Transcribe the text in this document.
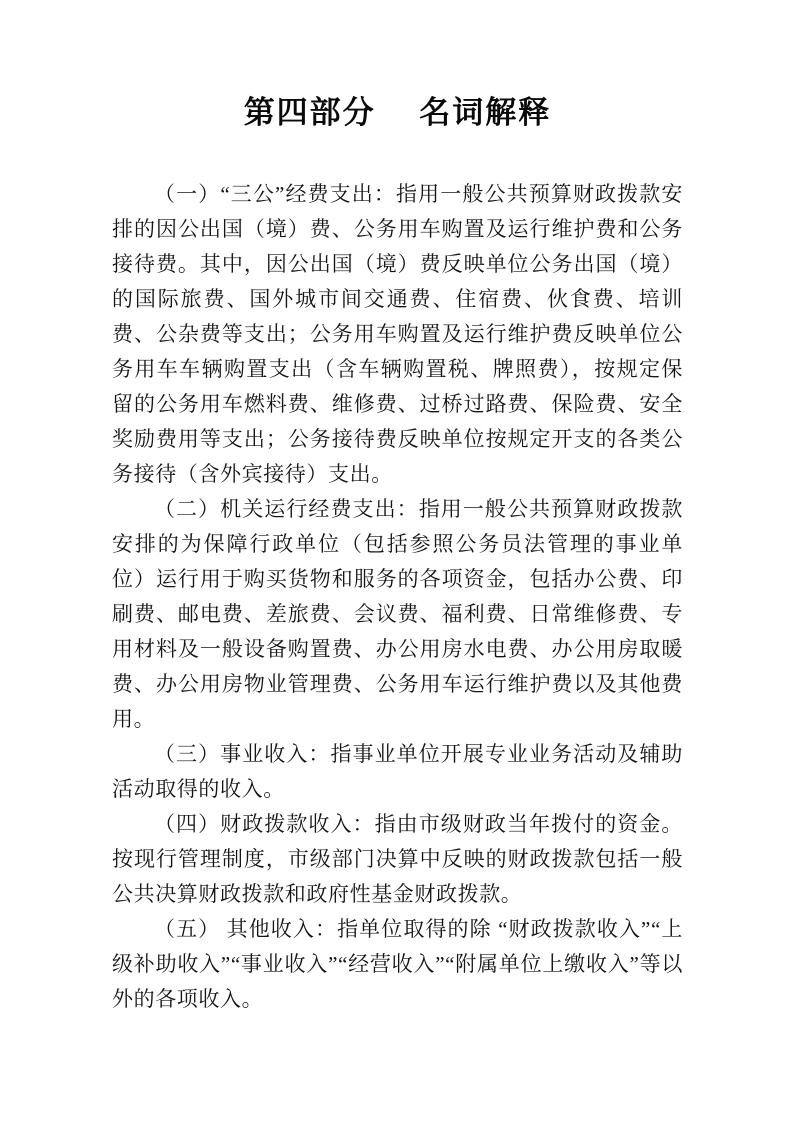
第四部分　 名词解释

（一）“三公”经费支出：指用一般公共预算财政拨款安排的因公出国（境）费、公务用车购置及运行维护费和公务接待费。其中，因公出国（境）费反映单位公务出国（境）的国际旅费、国外城市间交通费、住宿费、伙食费、培训费、公杂费等支出；公务用车购置及运行维护费反映单位公务用车车辆购置支出（含车辆购置税、牌照费），按规定保留的公务用车燃料费、维修费、过桥过路费、保险费、安全奖励费用等支出；公务接待费反映单位按规定开支的各类公务接待（含外宾接待）支出。

（二）机关运行经费支出：指用一般公共预算财政拨款安排的为保障行政单位（包括参照公务员法管理的事业单位）运行用于购买货物和服务的各项资金，包括办公费、印刷费、邮电费、差旅费、会议费、福利费、日常维修费、专用材料及一般设备购置费、办公用房水电费、办公用房取暖费、办公用房物业管理费、公务用车运行维护费以及其他费用。

（三）事业收入：指事业单位开展专业业务活动及辅助活动取得的收入。

（四）财政拨款收入：指由市级财政当年拨付的资金。按现行管理制度，市级部门决算中反映的财政拨款包括一般公共决算财政拨款和政府性基金财政拨款。

（五） 其他收入：指单位取得的除 “财政拨款收入”“上级补助收入”“事业收入”“经营收入”“附属单位上缴收入”等以外的各项收入。
